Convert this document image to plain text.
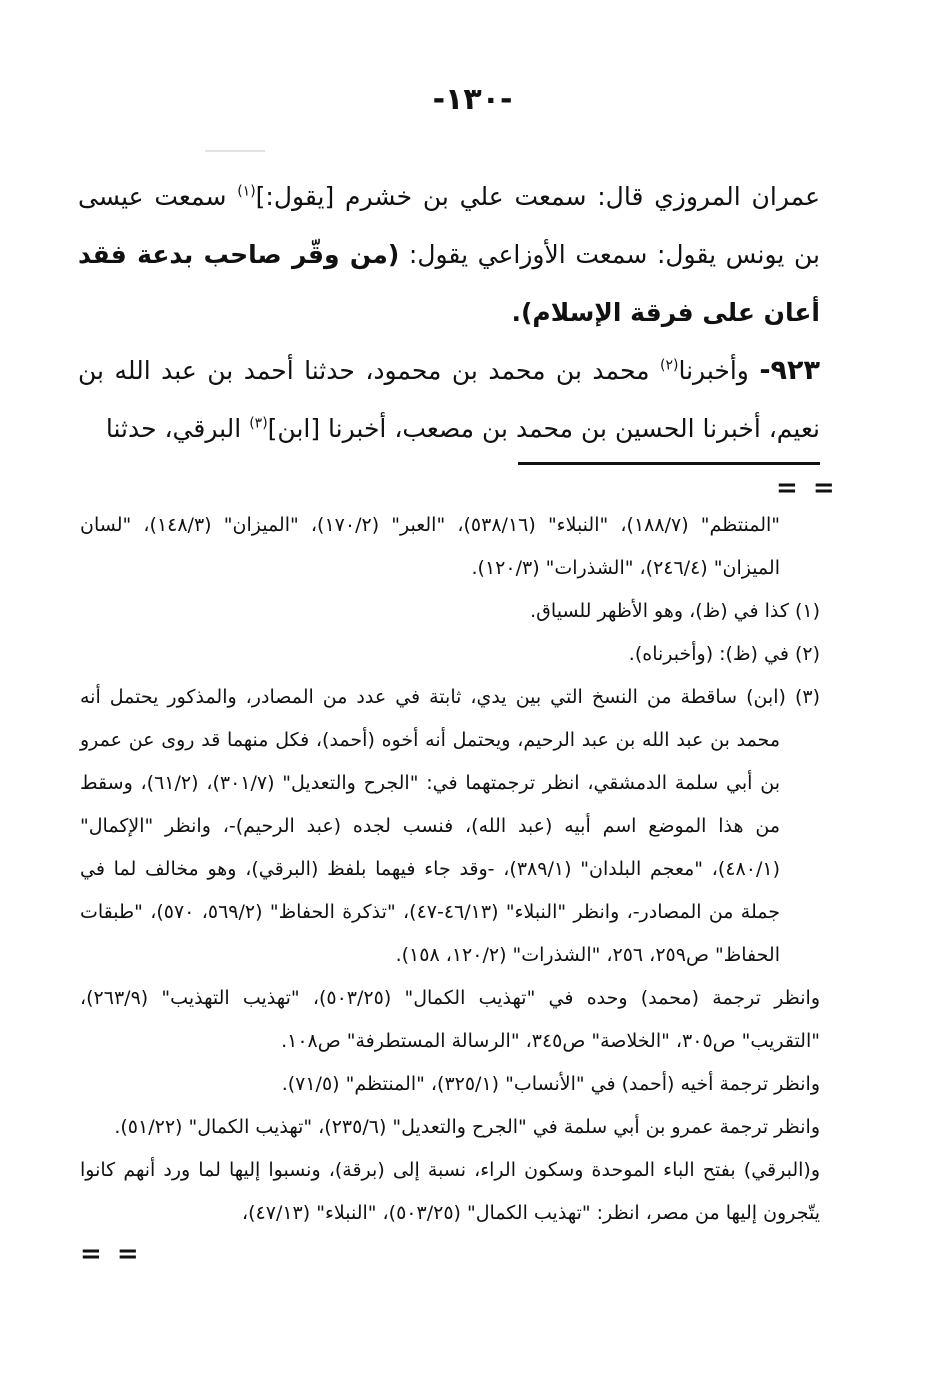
-١٣٠-

عمران المروزي قال: سمعت علي بن خشرم [يقول:]$^{(١)}$ سمعت عيسى بن يونس يقول: سمعت الأوزاعي يقول: (من وقّر صاحب بدعة فقد أعان على فرقة الإسلام).

٩٢٣- وأخبرنا$^{(٢)}$ محمد بن محمد بن محمود، حدثنا أحمد بن عبد الله بن نعيم، أخبرنا الحسين بن محمد بن مصعب، أخبرنا [ابن]$^{(٣)}$ البرقي، حدثنا

= =

"المنتظم" (١٨٨/٧)، "النبلاء" (٥٣٨/١٦)، "العبر" (١٧٠/٢)، "الميزان" (١٤٨/٣)، "لسان الميزان" (٢٤٦/٤)، "الشذرات" (١٢٠/٣).

(١) كذا في (ظ)، وهو الأظهر للسياق.

(٢) في (ظ): (وأخبرناه).

(٣) (ابن) ساقطة من النسخ التي بين يدي، ثابتة في عدد من المصادر، والمذكور يحتمل أنه محمد بن عبد الله بن عبد الرحيم، ويحتمل أنه أخوه (أحمد)، فكل منهما قد روى عن عمرو بن أبي سلمة الدمشقي، انظر ترجمتهما في: "الجرح والتعديل" (٣٠١/٧)، (٦١/٢)، وسقط من هذا الموضع اسم أبيه (عبد الله)، فنسب لجده (عبد الرحيم)-، وانظر "الإكمال" (٤٨٠/١)، "معجم البلدان" (٣٨٩/١)، -وقد جاء فيهما بلفظ (البرقي)، وهو مخالف لما في جملة من المصادر-، وانظر "النبلاء" (٤٦/١٣-٤٧)، "تذكرة الحفاظ" (٥٦٩/٢، ٥٧٠)، "طبقات الحفاظ" ص٢٥٩، ٢٥٦، "الشذرات" (١٢٠/٢، ١٥٨).

وانظر ترجمة (محمد) وحده في "تهذيب الكمال" (٥٠٣/٢٥)، "تهذيب التهذيب" (٢٦٣/٩)، "التقريب" ص٣٠٥، "الخلاصة" ص٣٤٥، "الرسالة المستطرفة" ص١٠٨.

وانظر ترجمة أخيه (أحمد) في "الأنساب" (٣٢٥/١)، "المنتظم" (٧١/٥).

وانظر ترجمة عمرو بن أبي سلمة في "الجرح والتعديل" (٢٣٥/٦)، "تهذيب الكمال" (٥١/٢٢).

و(البرقي) بفتح الباء الموحدة وسكون الراء، نسبة إلى (برقة)، ونسبوا إليها لما ورد أنهم كانوا يتّجرون إليها من مصر، انظر: "تهذيب الكمال" (٥٠٣/٢٥)، "النبلاء" (٤٧/١٣)،

= =
